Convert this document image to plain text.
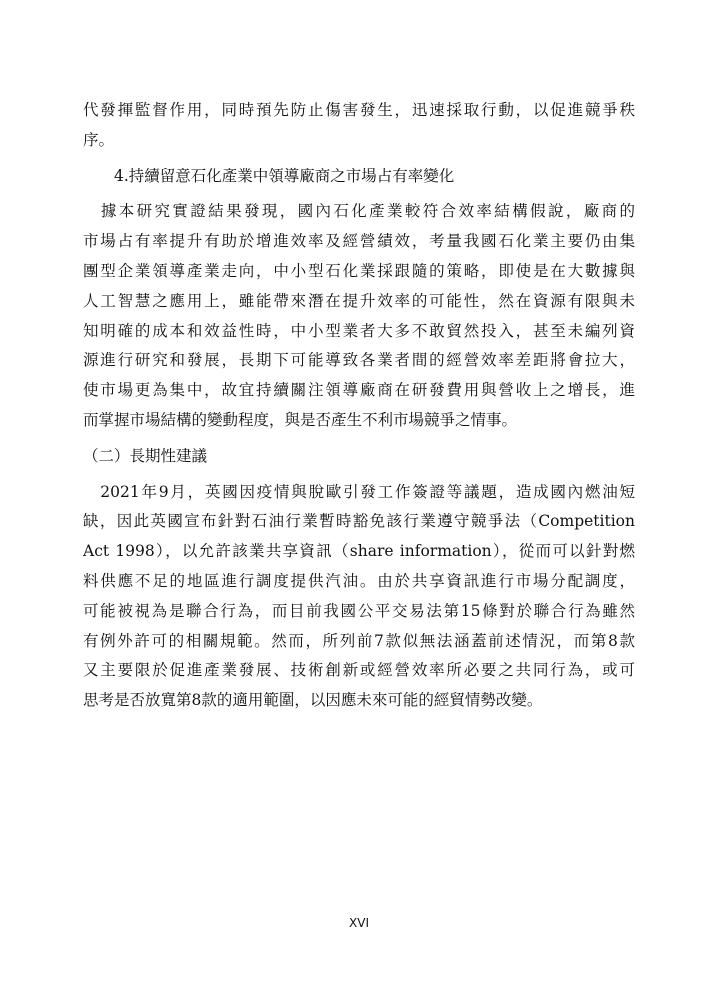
代發揮監督作用，同時預先防止傷害發生，迅速採取行動，以促進競爭秩
序。
4.持續留意石化產業中領導廠商之市場占有率變化
　據本研究實證結果發現，國內石化產業較符合效率結構假說，廠商的
市場占有率提升有助於增進效率及經營績效，考量我國石化業主要仍由集
團型企業領導產業走向，中小型石化業採跟隨的策略，即使是在大數據與
人工智慧之應用上，雖能帶來潛在提升效率的可能性，然在資源有限與未
知明確的成本和效益性時，中小型業者大多不敢貿然投入，甚至未編列資
源進行研究和發展，長期下可能導致各業者間的經營效率差距將會拉大，
使市場更為集中，故宜持續關注領導廠商在研發費用與營收上之增長，進
而掌握市場結構的變動程度，與是否產生不利市場競爭之情事。
（二）長期性建議
　2021年9月，英國因疫情與脫歐引發工作簽證等議題，造成國內燃油短
缺，因此英國宣布針對石油行業暫時豁免該行業遵守競爭法（Competition
Act 1998），以允許該業共享資訊（share information），從而可以針對燃
料供應不足的地區進行調度提供汽油。由於共享資訊進行市場分配調度，
可能被視為是聯合行為，而目前我國公平交易法第15條對於聯合行為雖然
有例外許可的相關規範。然而，所列前7款似無法涵蓋前述情況，而第8款
又主要限於促進產業發展、技術創新或經營效率所必要之共同行為，或可
思考是否放寬第8款的適用範圍，以因應未來可能的經貿情勢改變。
XVI
